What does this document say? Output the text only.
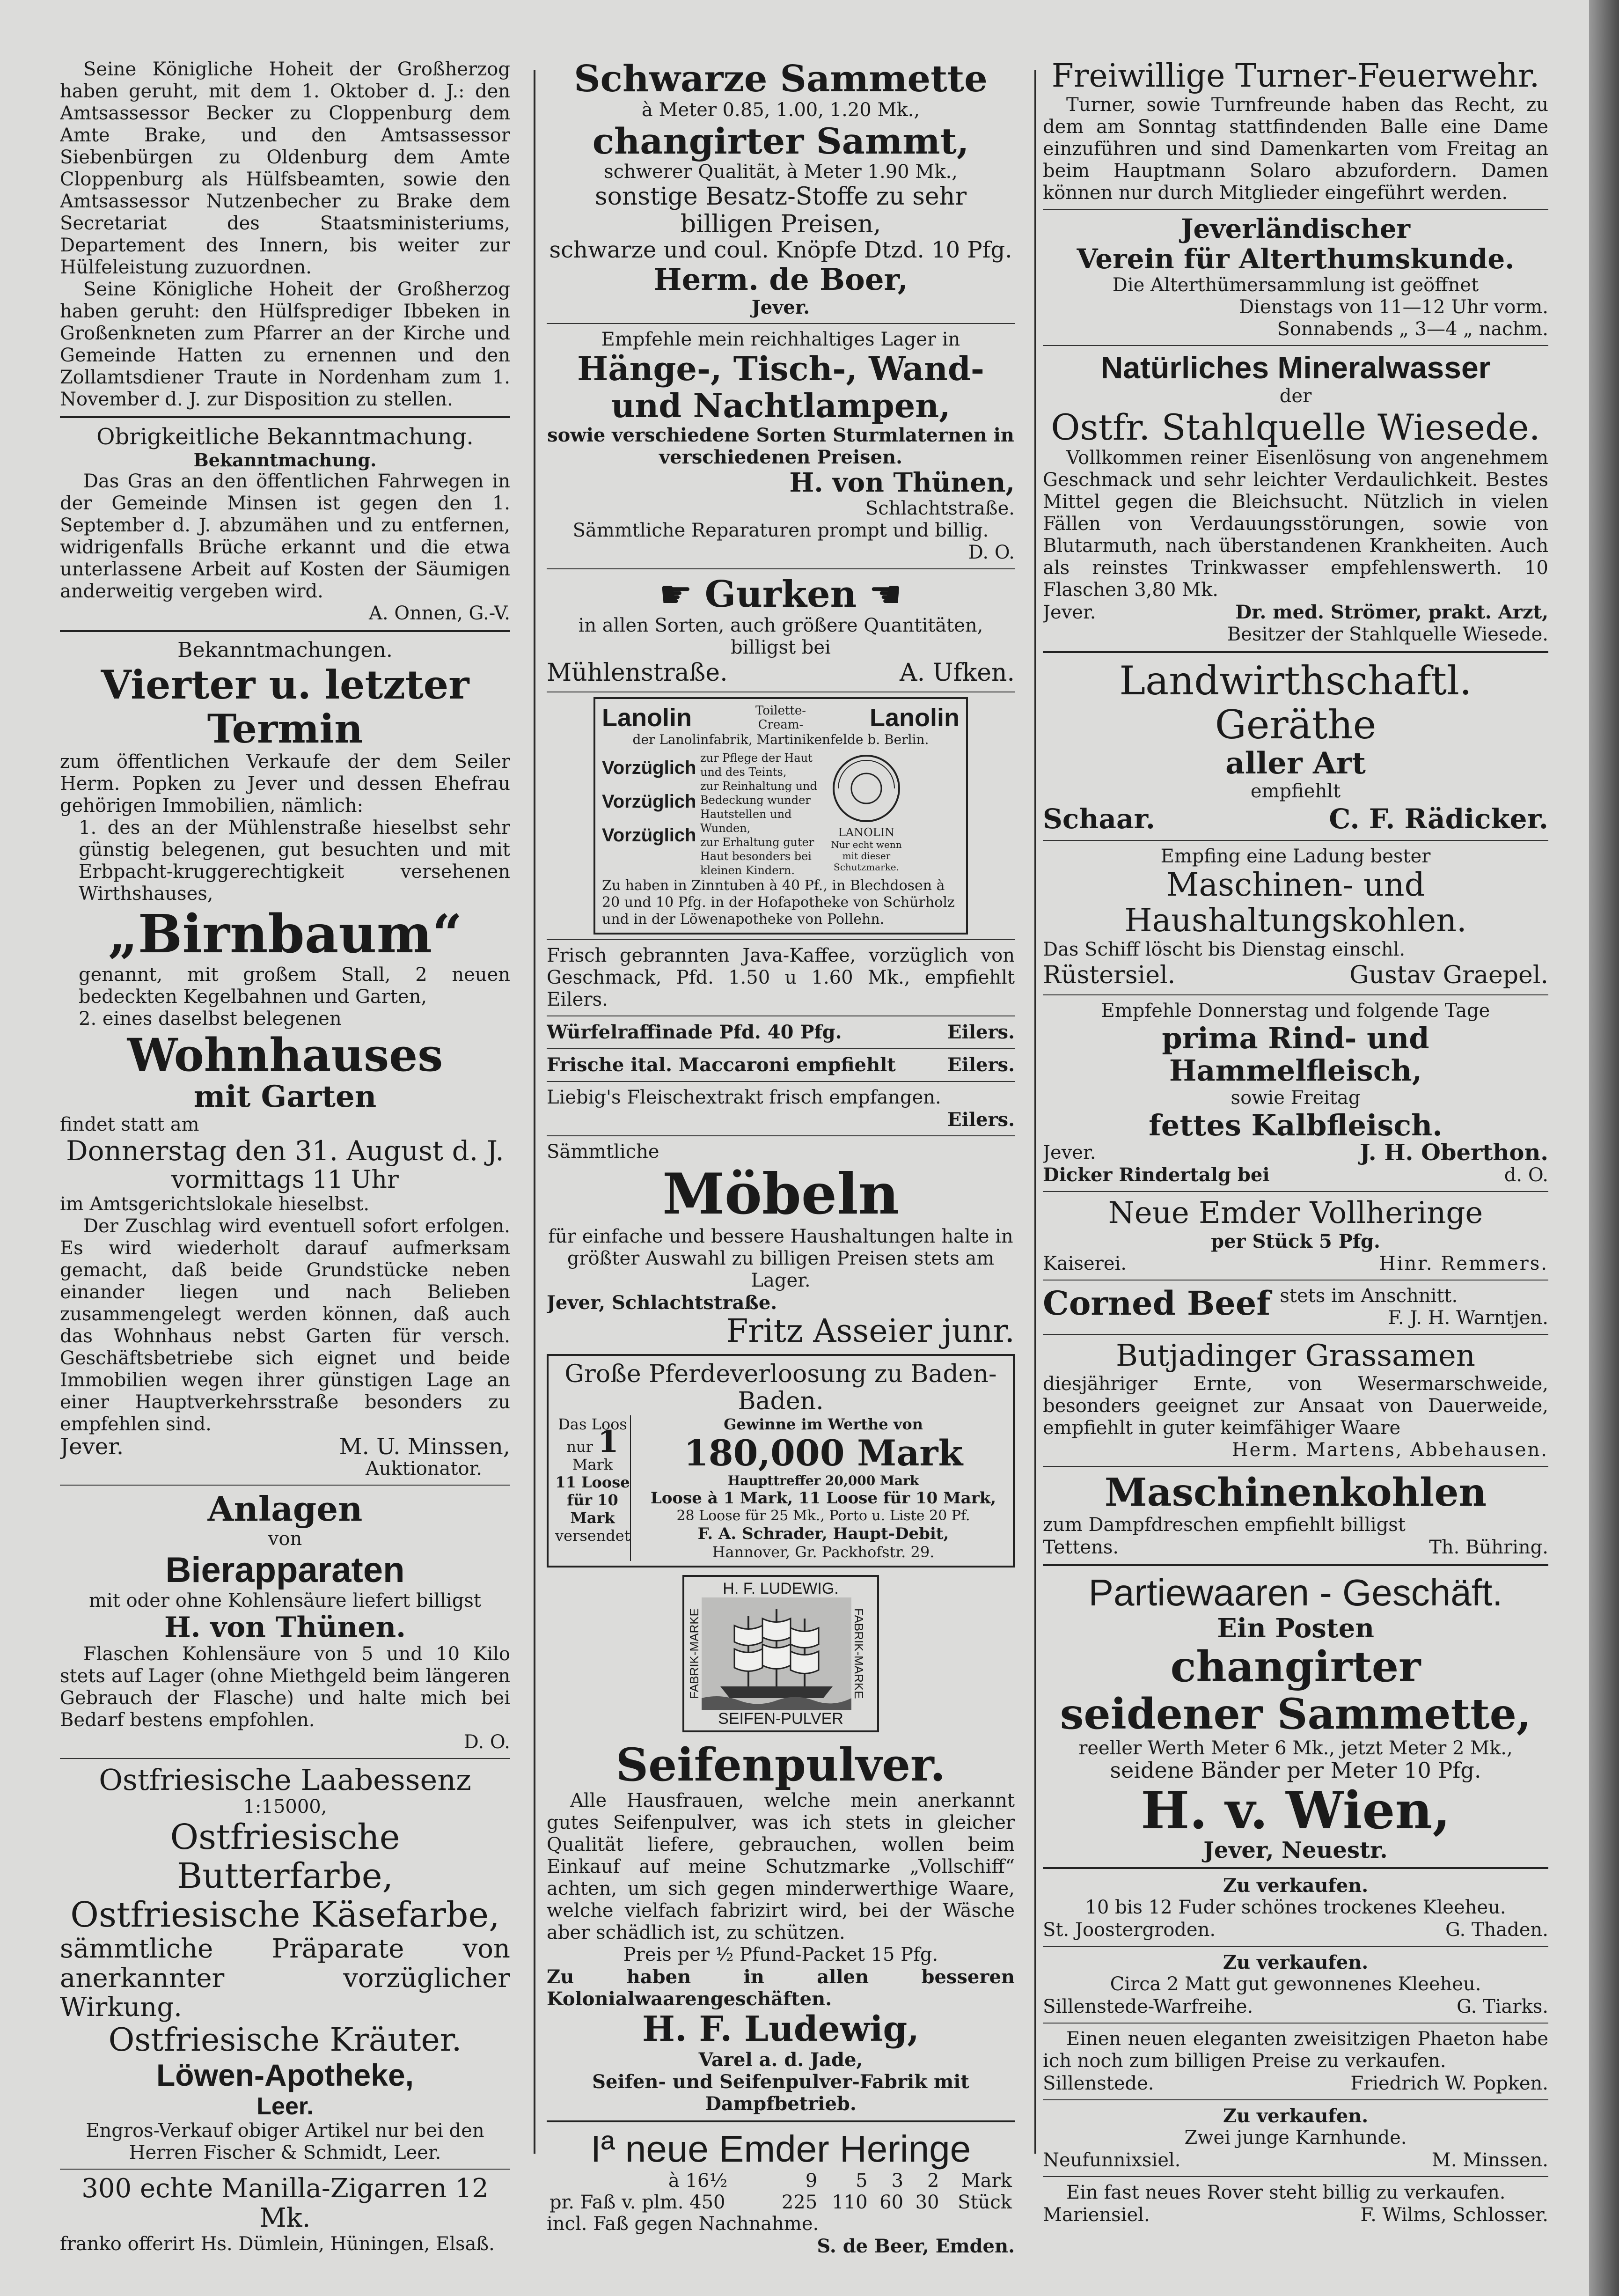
Seine Königliche Hoheit der Großherzog haben geruht, mit dem 1. Oktober d. J.: den Amtsassessor Becker zu Cloppenburg dem Amte Brake, und den Amtsassessor Siebenbürgen zu Oldenburg dem Amte Cloppenburg als Hülfsbeamten, sowie den Amtsassessor Nutzenbecher zu Brake dem Secretariat des Staatsministeriums, Departement des Innern, bis weiter zur Hülfeleistung zuzuordnen.

Seine Königliche Hoheit der Großherzog haben geruht: den Hülfsprediger Ibbeken in Großenkneten zum Pfarrer an der Kirche und Gemeinde Hatten zu ernennen und den Zollamtsdiener Traute in Nordenham zum 1. November d. J. zur Disposition zu stellen.

Obrigkeitliche Bekanntmachung.

Bekanntmachung.

Das Gras an den öffentlichen Fahrwegen in der Gemeinde Minsen ist gegen den 1. September d. J. abzumähen und zu entfernen, widrigenfalls Brüche erkannt und die etwa unterlassene Arbeit auf Kosten der Säumigen anderweitig vergeben wird.

A. Onnen, G.-V.

Bekanntmachungen.

Vierter u. letzter Termin

zum öffentlichen Verkaufe der dem Seiler Herm. Popken zu Jever und dessen Ehefrau gehörigen Immobilien, nämlich:

1. des an der Mühlenstraße hieselbst sehr günstig belegenen, gut besuchten und mit Erbpacht-kruggerechtigkeit versehenen Wirthshauses,

„Birnbaum“

genannt, mit großem Stall, 2 neuen bedeckten Kegelbahnen und Garten,

2. eines daselbst belegenen

Wohnhauses

mit Garten

findet statt am

Donnerstag den 31. August d. J.

vormittags 11 Uhr

im Amtsgerichtslokale hieselbst.

Der Zuschlag wird eventuell sofort erfolgen. Es wird wiederholt darauf aufmerksam gemacht, daß beide Grundstücke neben einander liegen und nach Belieben zusammengelegt werden können, daß auch das Wohnhaus nebst Garten für versch. Geschäftsbetriebe sich eignet und beide Immobilien wegen ihrer günstigen Lage an einer Hauptverkehrsstraße besonders zu empfehlen sind.

Jever.	M. U. Minssen,

Auktionator.

Anlagen

von

Bierapparaten

mit oder ohne Kohlensäure liefert billigst

H. von Thünen.

Flaschen Kohlensäure von 5 und 10 Kilo stets auf Lager (ohne Miethgeld beim längeren Gebrauch der Flasche) und halte mich bei Bedarf bestens empfohlen.

D. O.

Ostfriesische Laabessenz

1:15000,

Ostfriesische Butterfarbe,

Ostfriesische Käsefarbe,

sämmtliche Präparate von anerkannter vorzüglicher Wirkung.

Ostfriesische Kräuter.

Löwen-Apotheke,

Leer.

Engros-Verkauf obiger Artikel nur bei den Herren Fischer & Schmidt, Leer.

300 echte Manilla-Zigarren 12 Mk.

franko offerirt Hs. Dümlein, Hüningen, Elsaß.

Schwarze Sammette

à Meter 0.85, 1.00, 1.20 Mk.,

changirter Sammt,

schwerer Qualität, à Meter 1.90 Mk.,

sonstige Besatz-Stoffe zu sehr billigen Preisen,

schwarze und coul. Knöpfe Dtzd. 10 Pfg.

Herm. de Boer,

Jever.

Empfehle mein reichhaltiges Lager in

Hänge-, Tisch-, Wand- und Nachtlampen,

sowie verschiedene Sorten Sturmlaternen in verschiedenen Preisen.

H. von Thünen,

Schlachtstraße.

Sämmtliche Reparaturen prompt und billig.

D. O.

☛ Gurken ☛

in allen Sorten, auch größere Quantitäten, billigst bei

Mühlenstraße.	A. Ufken.
Lanolin	Toilette-Cream-	Lanolin

der Lanolinfabrik, Martinikenfelde b. Berlin.

Vorzüglich

Vorzüglich

Vorzüglich

zur Pflege der Haut und des Teints,

zur Reinhaltung und Bedeckung wunder Hautstellen und Wunden,

zur Erhaltung guter Haut besonders bei kleinen Kindern.

LANOLIN

Nur echt wenn mit dieser Schutzmarke.

Zu haben in Zinntuben à 40 Pf., in Blechdosen à 20 und 10 Pfg. in der Hofapotheke von Schürholz und in der Löwenapotheke von Pollehn.

Frisch gebrannten Java-Kaffee, vorzüglich von Geschmack, Pfd. 1.50 u 1.60 Mk., empfiehlt Eilers.

Würfelraffinade Pfd. 40 Pfg.	Eilers.
Frische ital. Maccaroni empfiehlt	Eilers.

Liebig's Fleischextrakt frisch empfangen.

Eilers.

Sämmtliche

Möbeln

für einfache und bessere Haushaltungen halte in größter Auswahl zu billigen Preisen stets am Lager.

Jever, Schlachtstraße.

Fritz Asseier junr.

Große Pferdeverloosung zu Baden-Baden.

Das Loos

nur 1 Mark

11 Loose für 10 Mark

versendet

Gewinne im Werthe von

180,000 Mark

Haupttreffer 20,000 Mark

Loose à 1 Mark, 11 Loose für 10 Mark,

28 Loose für 25 Mk., Porto u. Liste 20 Pf.

F. A. Schrader, Haupt-Debit,

Hannover, Gr. Packhofstr. 29.

H. F. LUDEWIG.

FABRIK-MARKE	FABRIK-MARKE

SEIFEN-PULVER

Seifenpulver.

Alle Hausfrauen, welche mein anerkannt gutes Seifenpulver, was ich stets in gleicher Qualität liefere, gebrauchen, wollen beim Einkauf auf meine Schutzmarke „Vollschiff“ achten, um sich gegen minderwerthige Waare, welche vielfach fabrizirt wird, bei der Wäsche aber schädlich ist, zu schützen.

Preis per ½ Pfund-Packet 15 Pfg.

Zu haben in allen besseren Kolonialwaarengeschäften.

H. F. Ludewig,

Varel a. d. Jade,

Seifen- und Seifenpulver-Fabrik mit Dampfbetrieb.

Iª neue Emder Heringe

à 16½	9	5	3	2	Mark
pr. Faß v. plm. 450	225	110	60	30	Stück

incl. Faß gegen Nachnahme.

S. de Beer, Emden.

Freiwillige Turner-Feuerwehr.

Turner, sowie Turnfreunde haben das Recht, zu dem am Sonntag stattfindenden Balle eine Dame einzuführen und sind Damenkarten vom Freitag an beim Hauptmann Solaro abzufordern. Damen können nur durch Mitglieder eingeführt werden.

Jeverländischer

Verein für Alterthumskunde.

Die Alterthümersammlung ist geöffnet

Dienstags von 11—12 Uhr vorm.

Sonnabends „ 3—4 „ nachm.

Natürliches Mineralwasser

der

Ostfr. Stahlquelle Wiesede.

Vollkommen reiner Eisenlösung von angenehmem Geschmack und sehr leichter Verdaulichkeit. Bestes Mittel gegen die Bleichsucht. Nützlich in vielen Fällen von Verdauungsstörungen, sowie von Blutarmuth, nach überstandenen Krankheiten. Auch als reinstes Trinkwasser empfehlenswerth. 10 Flaschen 3,80 Mk.

Jever.	Dr. med. Strömer, prakt. Arzt,

Besitzer der Stahlquelle Wiesede.

Landwirthschaftl. Geräthe

aller Art

empfiehlt

Schaar.	C. F. Rädicker.

Empfing eine Ladung bester

Maschinen- und Haushaltungskohlen.

Das Schiff löscht bis Dienstag einschl.

Rüstersiel.	Gustav Graepel.

Empfehle Donnerstag und folgende Tage

prima Rind- und Hammelfleisch,

sowie Freitag

fettes Kalbfleisch.

Jever.	J. H. Oberthon.
Dicker Rindertalg bei	d. O.

Neue Emder Vollheringe

per Stück 5 Pfg.

Kaiserei.	Hinr. Remmers.
Corned Beef stets im Anschnitt.

F. J. H. Warntjen.

Butjadinger Grassamen

diesjähriger Ernte, von Wesermarschweide, besonders geeignet zur Ansaat von Dauerweide, empfiehlt in guter keimfähiger Waare

Herm. Martens, Abbehausen.

Maschinenkohlen

zum Dampfdreschen empfiehlt billigst

Tettens.	Th. Bühring.

Partiewaaren - Geschäft.

Ein Posten

changirter

seidener Sammette,

reeller Werth Meter 6 Mk., jetzt Meter 2 Mk.,

seidene Bänder per Meter 10 Pfg.

H. v. Wien,

Jever, Neuestr.

Zu verkaufen.

10 bis 12 Fuder schönes trockenes Kleeheu.

St. Joostergroden.	G. Thaden.

Zu verkaufen.

Circa 2 Matt gut gewonnenes Kleeheu.

Sillenstede-Warfreihe.	G. Tiarks.

Einen neuen eleganten zweisitzigen Phaeton habe ich noch zum billigen Preise zu verkaufen.

Sillenstede.	Friedrich W. Popken.

Zu verkaufen.

Zwei junge Karnhunde.

Neufunnixsiel.	M. Minssen.

Ein fast neues Rover steht billig zu verkaufen.

Mariensiel.	F. Wilms, Schlosser.
